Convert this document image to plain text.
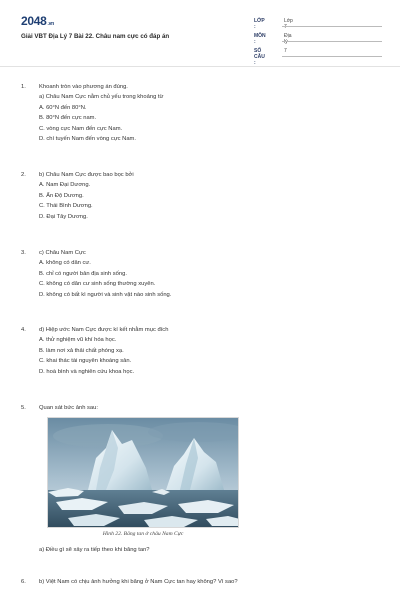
2048.vn
Giải VBT Địa Lý 7 Bài 22. Châu nam cực có đáp án
LỚP :
Lớp 7
MÔN :
Địa lý
SỐ CÂU :
7
1. Khoanh tròn vào phương án đúng.
a) Châu Nam Cực nằm chủ yếu trong khoảng từ
A. 60°N đến 80°N.
B. 80°N đến cực nam.
C. vòng cực Nam đến cực Nam.
D. chí tuyến Nam đến vòng cực Nam.
2. b) Châu Nam Cực được bao bọc bởi
A. Nam Đại Dương.
B. Ấn Độ Dương.
C. Thái Bình Dương.
D. Đại Tây Dương.
3. c) Châu Nam Cực
A. không có dân cư.
B. chỉ có người bản địa sinh sống.
C. không có dân cư sinh sống thường xuyên.
D. không có bất kì người và sinh vật nào sinh sống.
4. d) Hiệp ước Nam Cực được kí kết nhằm mục đích
A. thử nghiệm vũ khí hóa học.
B. làm nơi xả thải chất phóng xạ.
C. khai thác tài nguyên khoáng sản.
D. hoà bình và nghiên cứu khoa học.
5. Quan sát bức ảnh sau:
Hình 22. Băng tan ở châu Nam Cực
a) Điều gì sẽ xảy ra tiếp theo khi băng tan?
6. b) Việt Nam có chịu ảnh hưởng khi băng ở Nam Cực tan hay không? Vì sao?
